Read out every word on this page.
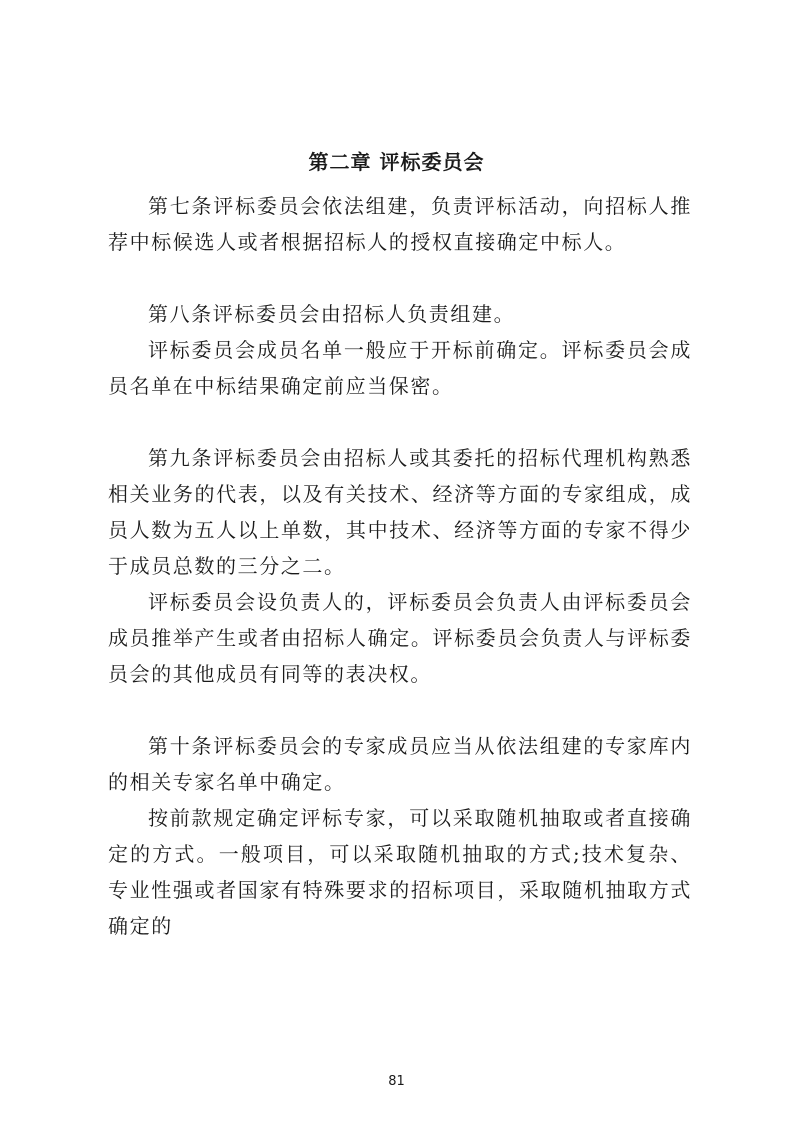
第二章 评标委员会

第七条评标委员会依法组建，负责评标活动，向招标人推荐中标候选人或者根据招标人的授权直接确定中标人。

第八条评标委员会由招标人负责组建。

评标委员会成员名单一般应于开标前确定。评标委员会成员名单在中标结果确定前应当保密。

第九条评标委员会由招标人或其委托的招标代理机构熟悉相关业务的代表，以及有关技术、经济等方面的专家组成，成员人数为五人以上单数，其中技术、经济等方面的专家不得少于成员总数的三分之二。

评标委员会设负责人的，评标委员会负责人由评标委员会成员推举产生或者由招标人确定。评标委员会负责人与评标委员会的其他成员有同等的表决权。

第十条评标委员会的专家成员应当从依法组建的专家库内的相关专家名单中确定。

按前款规定确定评标专家，可以采取随机抽取或者直接确定的方式。一般项目，可以采取随机抽取的方式;技术复杂、专业性强或者国家有特殊要求的招标项目，采取随机抽取方式确定的

81
